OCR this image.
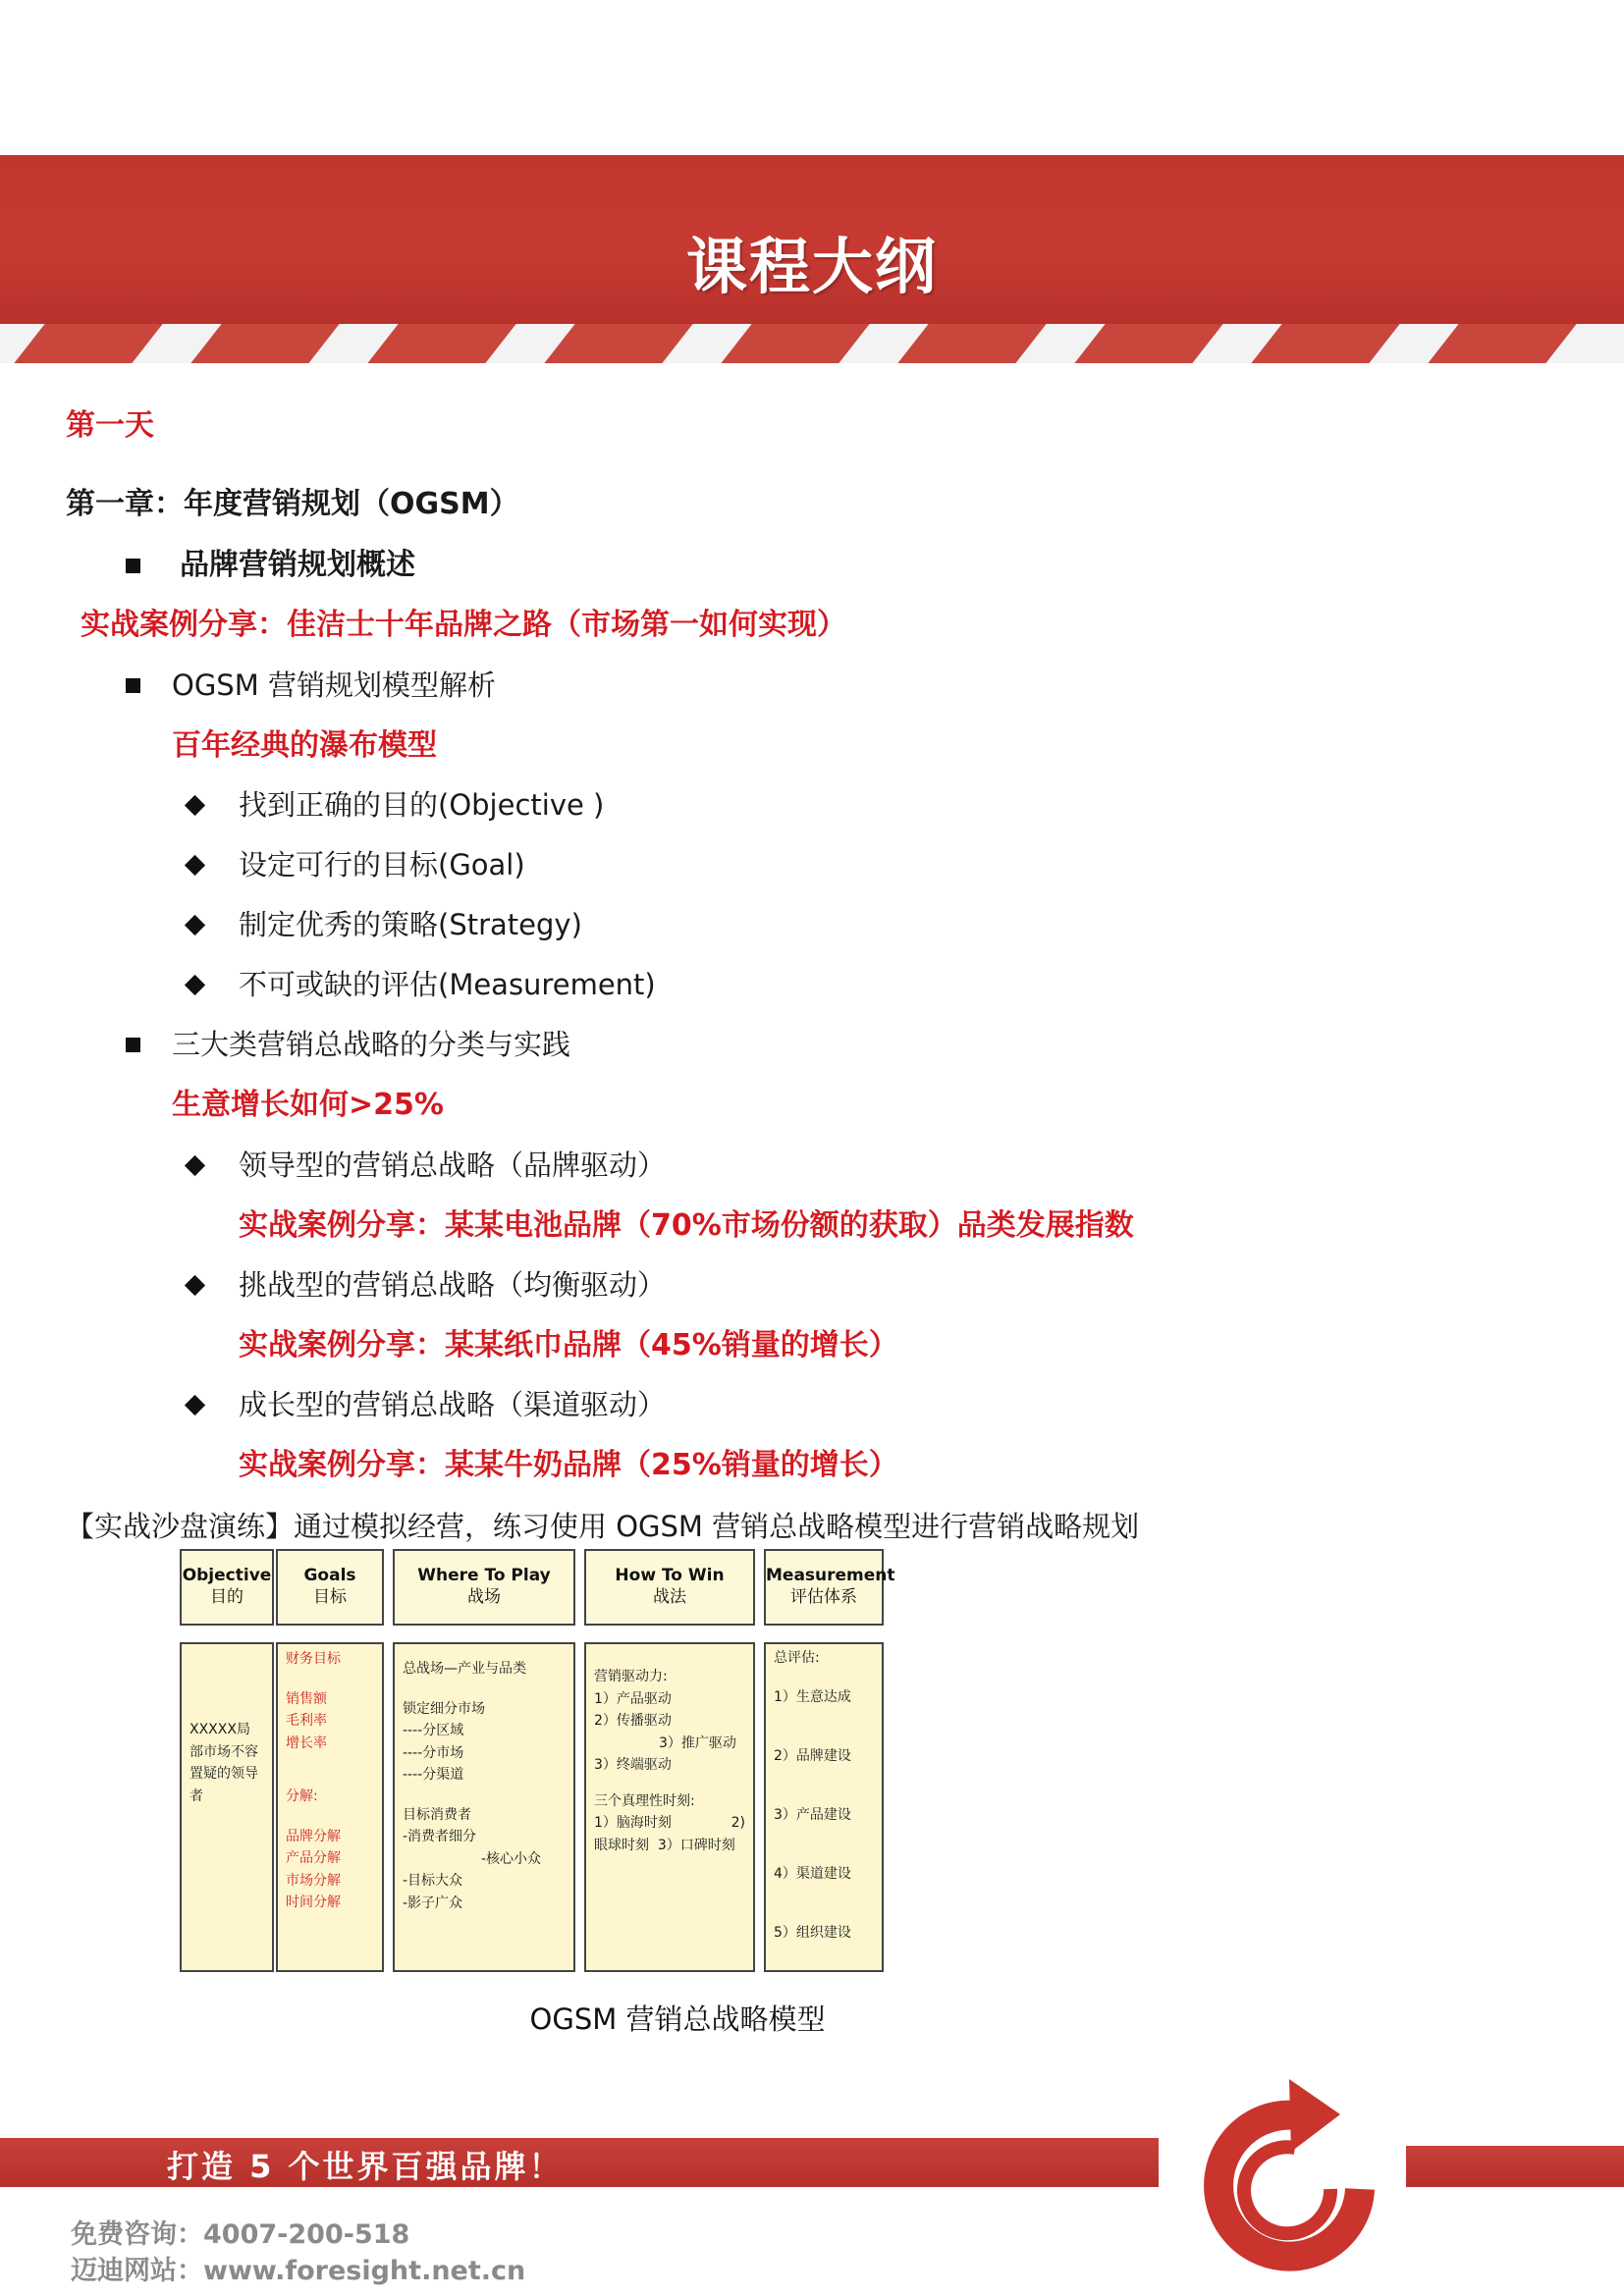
课程大纲
第一天
第一章：年度营销规划（OGSM）
品牌营销规划概述
实战案例分享：佳洁士十年品牌之路（市场第一如何实现）
OGSM 营销规划模型解析
百年经典的瀑布模型
找到正确的目的(Objective )
设定可行的目标(Goal)
制定优秀的策略(Strategy)
不可或缺的评估(Measurement)
三大类营销总战略的分类与实践
生意增长如何>25%
领导型的营销总战略（品牌驱动）
实战案例分享：某某电池品牌（70%市场份额的获取）品类发展指数
挑战型的营销总战略（均衡驱动）
实战案例分享：某某纸巾品牌（45%销量的增长）
成长型的营销总战略（渠道驱动）
实战案例分享：某某牛奶品牌（25%销量的增长）
【实战沙盘演练】通过模拟经营，练习使用 OGSM 营销总战略模型进行营销战略规划
Objective
目的
Goals
目标
Where To Play
战场
How To Win
战法
Measurement
评估体系
XXXXX局
部市场不容
置疑的领导
者
财务目标
销售额
毛利率
增长率
分解:
品牌分解
产品分解
市场分解
时间分解
总战场—产业与品类
锁定细分市场
----分区域
----分市场
----分渠道
目标消费者
-消费者细分
-核心小众
-目标大众
-影子广众
营销驱动力:
1）产品驱动
2）传播驱动
3）推广驱动
3）终端驱动
三个真理性时刻:
1）脑海时刻	2)
眼球时刻  3）口碑时刻
总评估:
1）生意达成
2）品牌建设
3）产品建设
4）渠道建设
5）组织建设
OGSM 营销总战略模型
打造 5 个世界百强品牌！
免费咨询：4007-200-518
迈迪网站：www.foresight.net.cn
